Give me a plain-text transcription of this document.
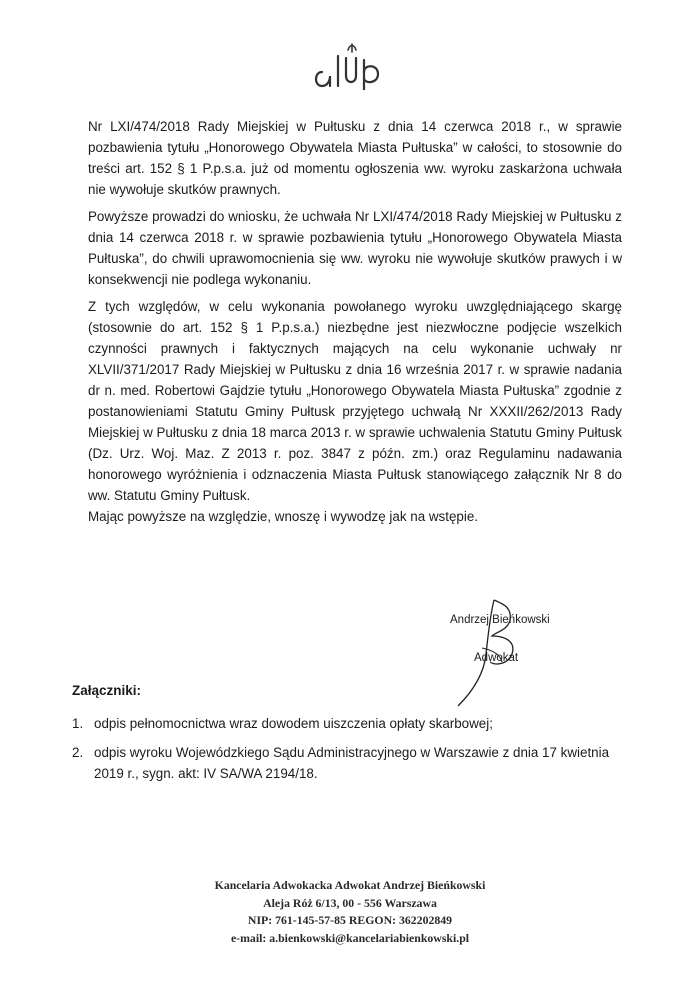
Nr LXI/474/2018 Rady Miejskiej w Pułtusku z dnia 14 czerwca 2018 r., w sprawie pozbawienia tytułu „Honorowego Obywatela Miasta Pułtuska” w całości, to stosownie do treści art. 152 § 1 P.p.s.a. już od momentu ogłoszenia ww. wyroku zaskarżona uchwała nie wywołuje skutków prawnych.

Powyższe prowadzi do wniosku, że uchwała Nr LXI/474/2018 Rady Miejskiej w Pułtusku z dnia 14 czerwca 2018 r. w sprawie pozbawienia tytułu „Honorowego Obywatela Miasta Pułtuska”, do chwili uprawomocnienia się ww. wyroku nie wywołuje skutków prawych i w konsekwencji nie podlega wykonaniu.

Z tych względów, w celu wykonania powołanego wyroku uwzględniającego skargę (stosownie do art. 152 § 1 P.p.s.a.) niezbędne jest niezwłoczne podjęcie wszelkich czynności prawnych i faktycznych mających na celu wykonanie uchwały nr XLVII/371/2017 Rady Miejskiej w Pułtusku z dnia 16 września 2017 r. w sprawie nadania dr n. med. Robertowi Gajdzie tytułu „Honorowego Obywatela Miasta Pułtuska” zgodnie z postanowieniami Statutu Gminy Pułtusk przyjętego uchwałą Nr XXXII/262/2013 Rady Miejskiej w Pułtusku z dnia 18 marca 2013 r. w sprawie uchwalenia Statutu Gminy Pułtusk (Dz. Urz. Woj. Maz. Z 2013 r. poz. 3847 z późn. zm.) oraz Regulaminu nadawania honorowego wyróżnienia i odznaczenia Miasta Pułtusk stanowiącego załącznik Nr 8 do ww. Statutu Gminy Pułtusk.

Mając powyższe na względzie, wnoszę i wywodzę jak na wstępie.

Andrzej Bieńkowski
Adwokat
Załączniki:
1. odpis pełnomocnictwa wraz dowodem uiszczenia opłaty skarbowej;
2. odpis wyroku Wojewódzkiego Sądu Administracyjnego w Warszawie z dnia 17 kwietnia 2019 r., sygn. akt: IV SA/WA 2194/18.
Kancelaria Adwokacka Adwokat Andrzej Bieńkowski
Aleja Róż 6/13, 00 - 556 Warszawa
NIP: 761-145-57-85 REGON: 362202849
e-mail: a.bienkowski@kancelariabienkowski.pl
